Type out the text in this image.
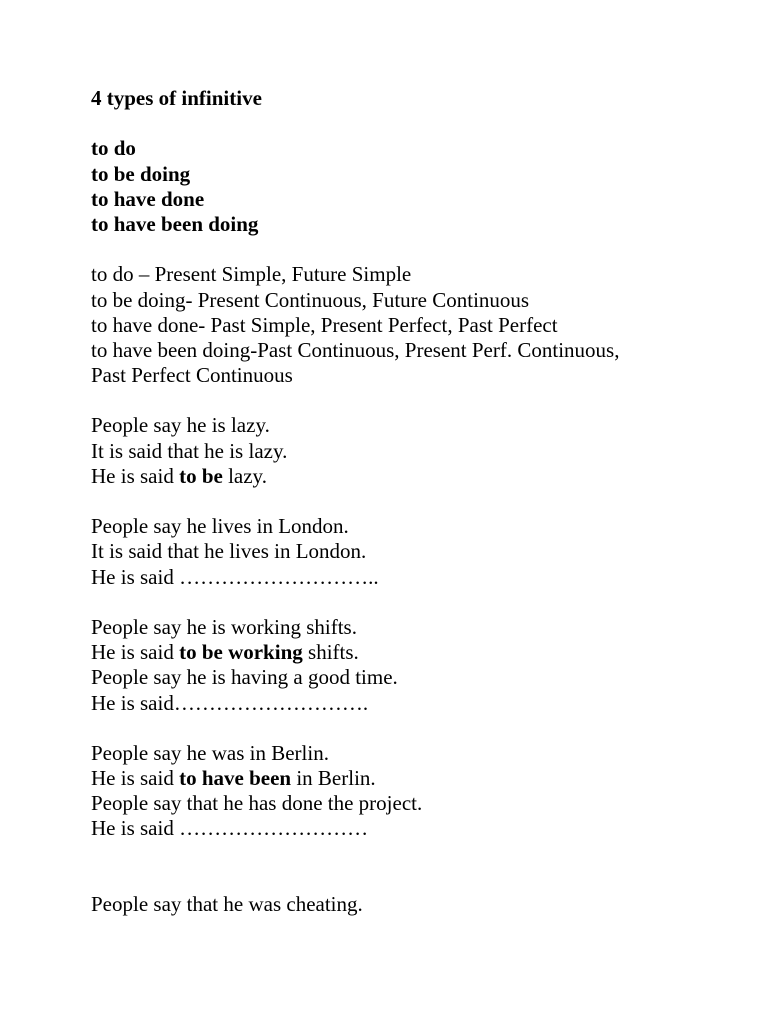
4 types of infinitive
to do
to be doing
to have done
to have been doing
to do – Present Simple, Future Simple
to be doing- Present Continuous, Future Continuous
to have done- Past Simple, Present Perfect, Past Perfect
to have been doing-Past Continuous, Present Perf. Continuous,
Past Perfect Continuous
People say he is lazy.
It is said that he is lazy.
He is said to be lazy.
People say he lives in London.
It is said that he lives in London.
He is said ………………………..
People say he is working shifts.
He is said to be working shifts.
People say he is having a good time.
He is said……………………….
People say he was in Berlin.
He is said to have been in Berlin.
People say that he has done the project.
He is said ………………………
People say that he was cheating.
